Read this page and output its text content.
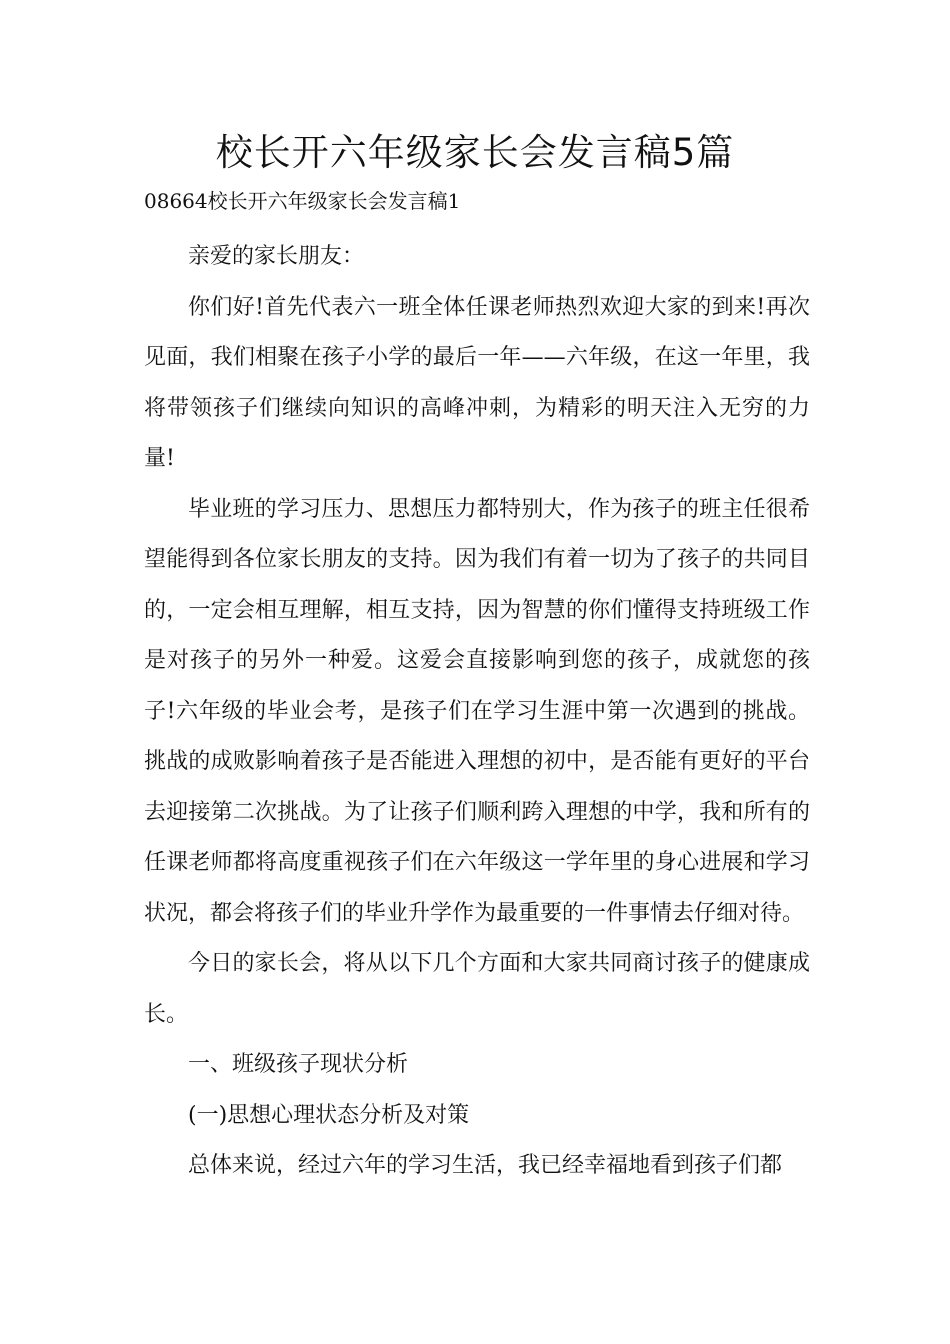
校长开六年级家长会发言稿5篇

08664校长开六年级家长会发言稿1

亲爱的家长朋友：

你们好!首先代表六一班全体任课老师热烈欢迎大家的到来!再次见面，我们相聚在孩子小学的最后一年——六年级，在这一年里，我将带领孩子们继续向知识的高峰冲刺，为精彩的明天注入无穷的力量!

毕业班的学习压力、思想压力都特别大，作为孩子的班主任很希望能得到各位家长朋友的支持。因为我们有着一切为了孩子的共同目的，一定会相互理解，相互支持，因为智慧的你们懂得支持班级工作是对孩子的另外一种爱。这爱会直接影响到您的孩子，成就您的孩子!六年级的毕业会考，是孩子们在学习生涯中第一次遇到的挑战。挑战的成败影响着孩子是否能进入理想的初中，是否能有更好的平台去迎接第二次挑战。为了让孩子们顺利跨入理想的中学，我和所有的任课老师都将高度重视孩子们在六年级这一学年里的身心进展和学习状况，都会将孩子们的毕业升学作为最重要的一件事情去仔细对待。

今日的家长会，将从以下几个方面和大家共同商讨孩子的健康成长。

一、班级孩子现状分析

(一)思想心理状态分析及对策

总体来说，经过六年的学习生活，我已经幸福地看到孩子们都
